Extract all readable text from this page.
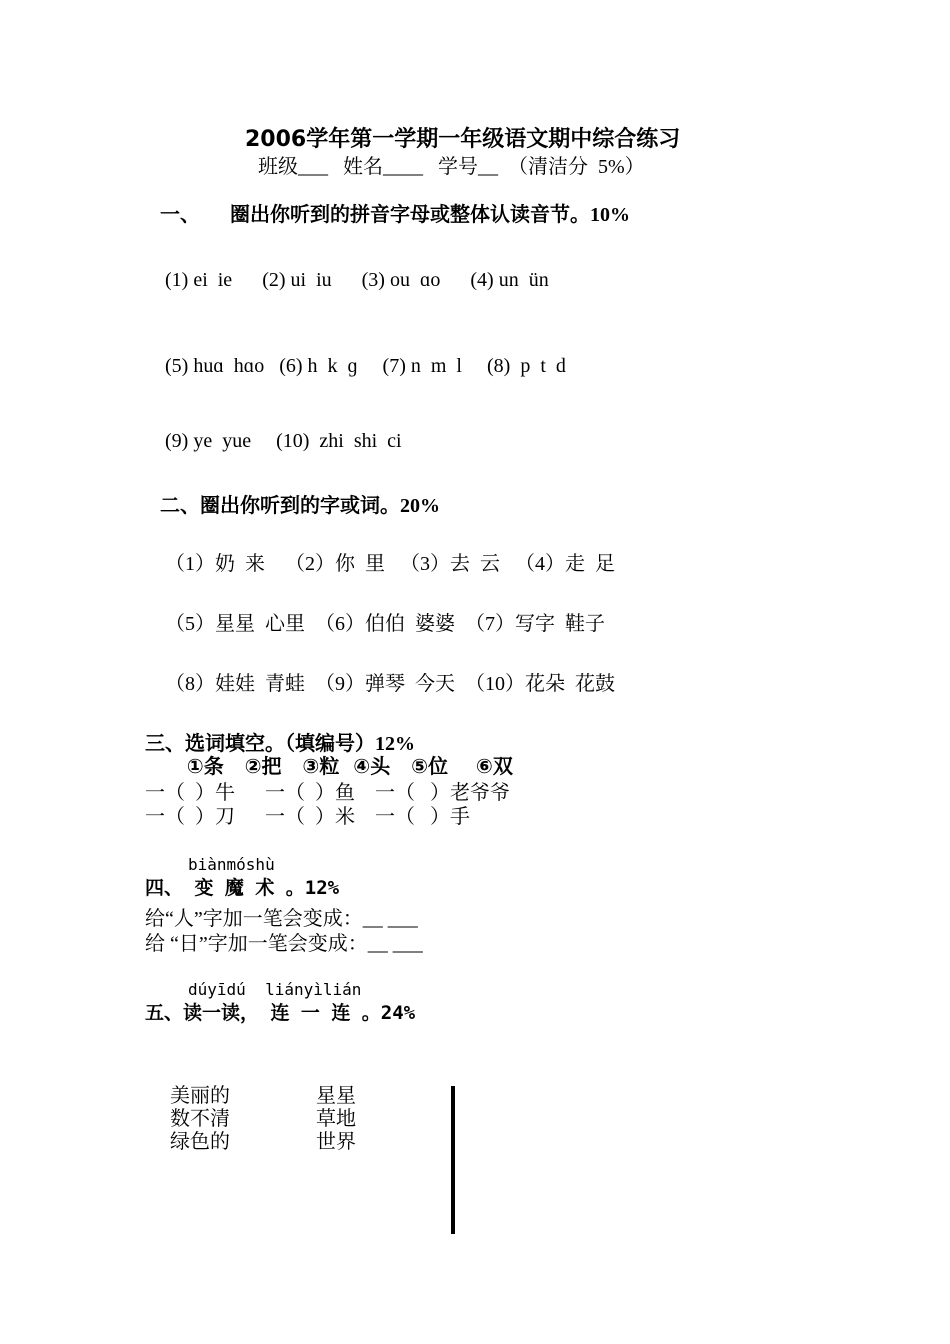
2006学年第一学期一年级语文期中综合练习
班级___   姓名____   学号__  （清洁分  5%）
一、      圈出你听到的拼音字母或整体认读音节。10%
(1) ei  ie      (2) ui  iu      (3) ou  ɑo      (4) un  ün
(5) huɑ  hɑo   (6) h  k  ɡ     (7) n  m  l     (8)  p  t  d
(9) ye  yue     (10)  zhi  shi  ci
二、圈出你听到的字或词。20%
（1）奶  来    （2）你  里   （3）去  云   （4）走  足
（5）星星  心里  （6）伯伯  婆婆  （7）写字  鞋子
（8）娃娃  青蛙  （9）弹琴  今天  （10）花朵  花鼓
三、选词填空。（填编号）12%
①条   ②把   ③粒  ④头   ⑤位    ⑥双
一（  ）牛      一（  ）鱼    一（   ）老爷爷
一（  ）刀      一（  ）米    一（   ）手
biànmóshù
四、 变 魔 术 。12%
给“人”字加一笔会变成：__ ___
给 “日”字加一笔会变成：__ ___
dúyīdú  liányìlián
五、读一读， 连 一 连 。24%
美丽的
数不清
绿色的
星星
草地
世界
